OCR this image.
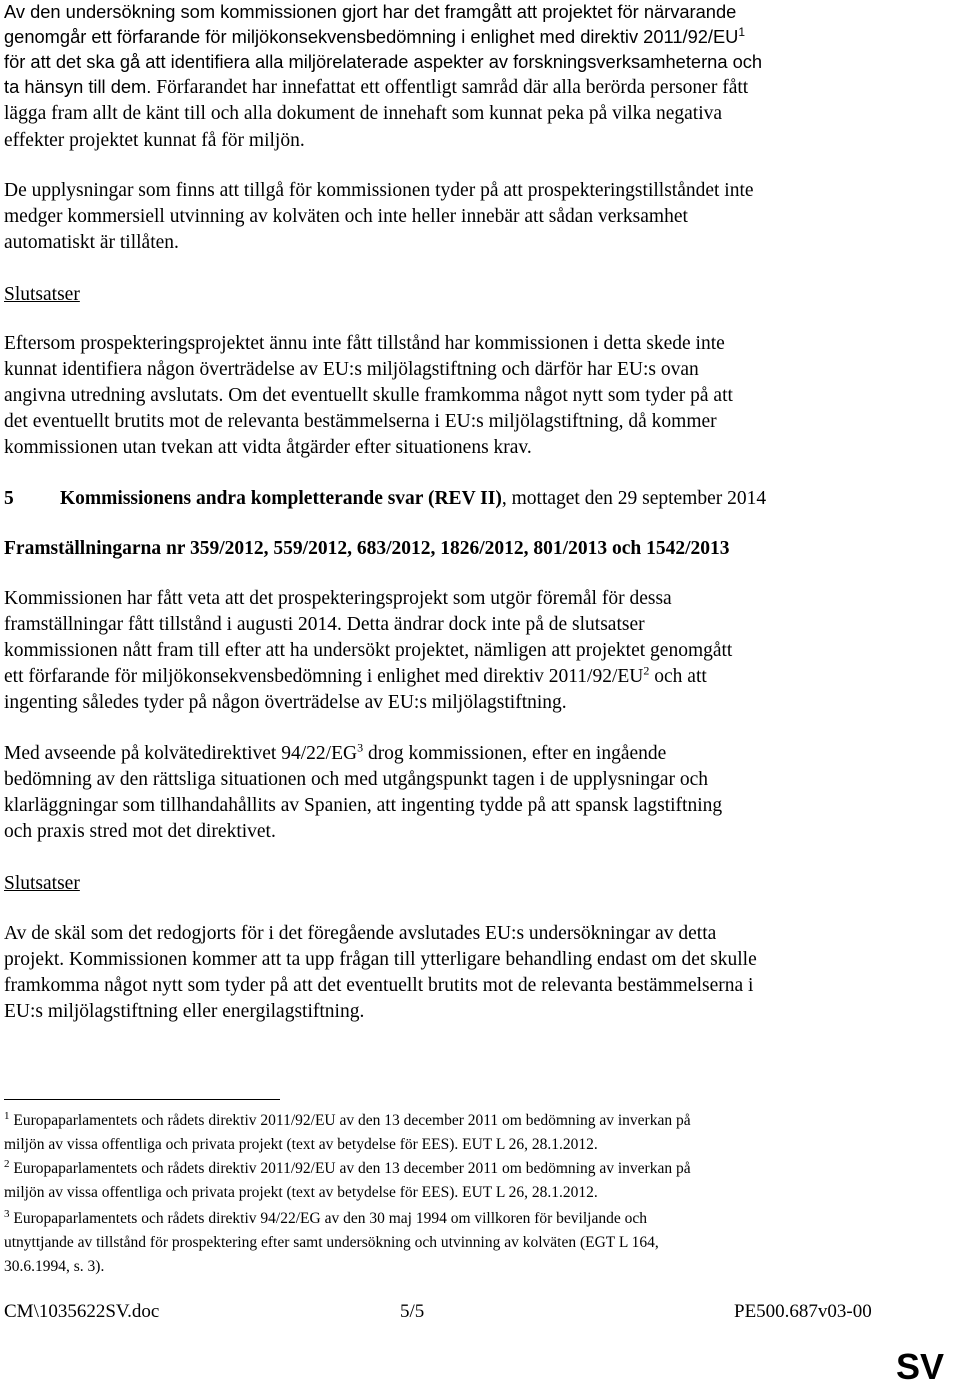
Av den undersökning som kommissionen gjort har det framgått att projektet för närvarande
genomgår ett förfarande för miljökonsekvensbedömning i enlighet med direktiv $2011/92/EU^1$
för att det ska gå att identifiera alla miljörelaterade aspekter av forskningsverksamheterna och
ta hänsyn till dem. Förfarandet har innefattat ett offentligt samråd där alla berörda personer fått
lägga fram allt de känt till och alla dokument de innehaft som kunnat peka på vilka negativa
effekter projektet kunnat få för miljön.
De upplysningar som finns att tillgå för kommissionen tyder på att prospekteringstillståndet inte
medger kommersiell utvinning av kolväten och inte heller innebär att sådan verksamhet
automatiskt är tillåten.
Slutsatser
Eftersom prospekteringsprojektet ännu inte fått tillstånd har kommissionen i detta skede inte
kunnat identifiera någon överträdelse av EU:s miljölagstiftning och därför har EU:s ovan
angivna utredning avslutats. Om det eventuellt skulle framkomma något nytt som tyder på att
det eventuellt brutits mot de relevanta bestämmelserna i EU:s miljölagstiftning, då kommer
kommissionen utan tvekan att vidta åtgärder efter situationens krav.
5 Kommissionens andra kompletterande svar (REV II), mottaget den 29 september 2014
Framställningarna nr 359/2012, 559/2012, 683/2012, 1826/2012, 801/2013 och 1542/2013
Kommissionen har fått veta att det prospekteringsprojekt som utgör föremål för dessa
framställningar fått tillstånd i augusti 2014. Detta ändrar dock inte på de slutsatser
kommissionen nått fram till efter att ha undersökt projektet, nämligen att projektet genomgått
ett förfarande för miljökonsekvensbedömning i enlighet med direktiv $2011/92/EU^2$ och att
ingenting således tyder på någon överträdelse av EU:s miljölagstiftning.
Med avseende på kolvätedirektivet $94/22/EG^3$ drog kommissionen, efter en ingående
bedömning av den rättsliga situationen och med utgångspunkt tagen i de upplysningar och
klarläggningar som tillhandahållits av Spanien, att ingenting tydde på att spansk lagstiftning
och praxis stred mot det direktivet.
Slutsatser
Av de skäl som det redogjorts för i det föregående avslutades EU:s undersökningar av detta
projekt. Kommissionen kommer att ta upp frågan till ytterligare behandling endast om det skulle
framkomma något nytt som tyder på att det eventuellt brutits mot de relevanta bestämmelserna i
EU:s miljölagstiftning eller energilagstiftning.
$^1$ Europaparlamentets och rådets direktiv 2011/92/EU av den 13 december 2011 om bedömning av inverkan på
miljön av vissa offentliga och privata projekt (text av betydelse för EES). EUT L 26, 28.1.2012.
$^2$ Europaparlamentets och rådets direktiv 2011/92/EU av den 13 december 2011 om bedömning av inverkan på
miljön av vissa offentliga och privata projekt (text av betydelse för EES). EUT L 26, 28.1.2012.
$^3$ Europaparlamentets och rådets direktiv 94/22/EG av den 30 maj 1994 om villkoren för beviljande och
utnyttjande av tillstånd för prospektering efter samt undersökning och utvinning av kolväten (EGT L 164,
30.6.1994, s. 3).
CM\1035622SV.doc	5/5	PE500.687v03-00
SV
